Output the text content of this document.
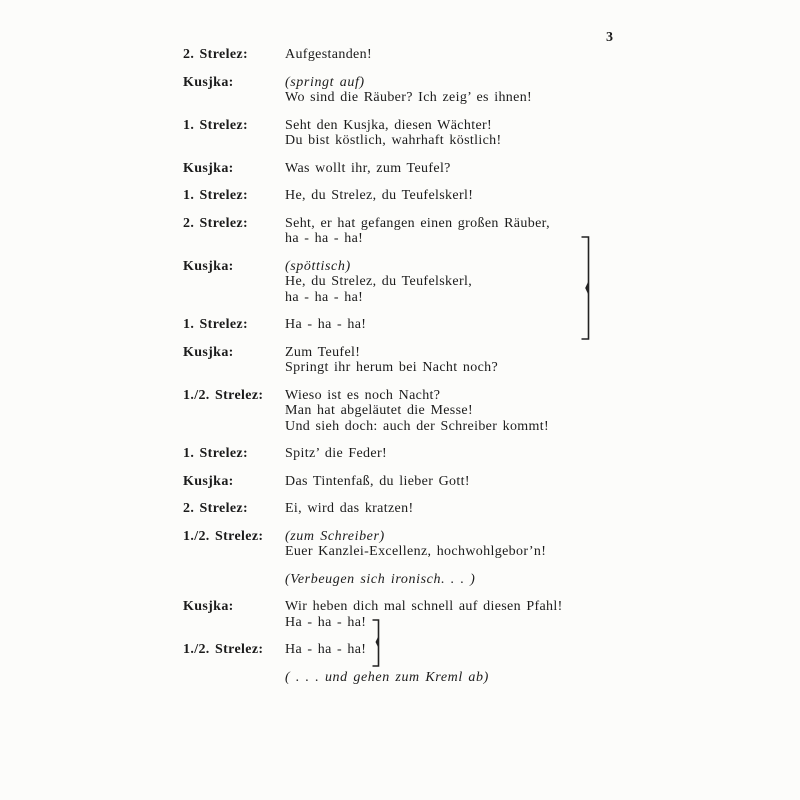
3
2. Strelez:	Aufgestanden!
Kusjka:	(springt auf)
Wo sind die Räuber? Ich zeig’ es ihnen!
1. Strelez:	Seht den Kusjka, diesen Wächter!
Du bist köstlich, wahrhaft köstlich!
Kusjka:	Was wollt ihr, zum Teufel?
1. Strelez:	He, du Strelez, du Teufelskerl!
2. Strelez:	Seht, er hat gefangen einen großen Räuber,
ha - ha - ha!
Kusjka:	(spöttisch)
He, du Strelez, du Teufelskerl,
ha - ha - ha!
1. Strelez:	Ha - ha - ha!
Kusjka:	Zum Teufel!
Springt ihr herum bei Nacht noch?
1./2. Strelez:	Wieso ist es noch Nacht?
Man hat abgeläutet die Messe!
Und sieh doch: auch der Schreiber kommt!
1. Strelez:	Spitz’ die Feder!
Kusjka:	Das Tintenfaß, du lieber Gott!
2. Strelez:	Ei, wird das kratzen!
1./2. Strelez:	(zum Schreiber)
Euer Kanzlei-Excellenz, hochwohlgebor’n!
(Verbeugen sich ironisch. . . )
Kusjka:	Wir heben dich mal schnell auf diesen Pfahl!
Ha - ha - ha!
1./2. Strelez:	Ha - ha - ha!
( . . . und gehen zum Kreml ab)
